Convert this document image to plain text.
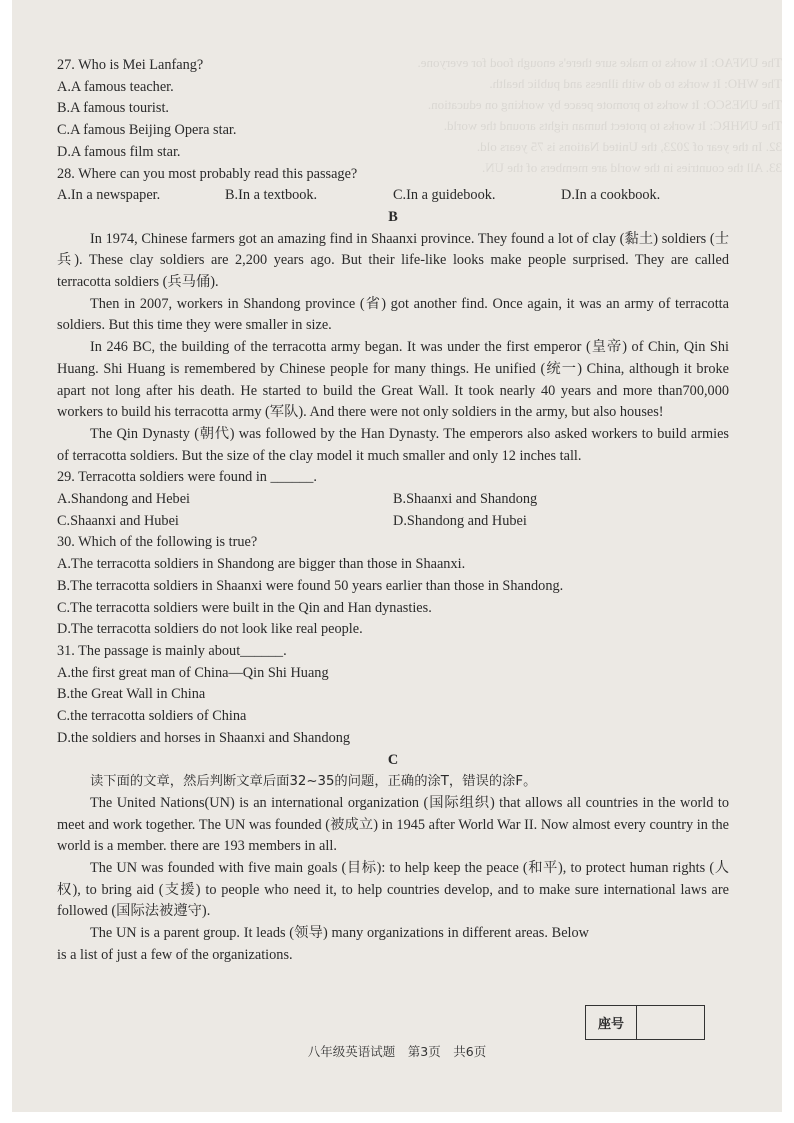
The UNFAO: It works to make sure there's enough food for everyone.
The WHO: It works to do with illness and public health.
The UNESCO: It works to promote peace by working on education.
The UNHRC: It works to protect human rights around the world.
32. In the year of 2023, the United Nations is 75 years old.
33. All the countries in the world are members of the UN.

27. Who is Mei Lanfang?

A.A famous teacher.

B.A famous tourist.

C.A famous Beijing Opera star.

D.A famous film star.

28. Where can you most probably read this passage?

A.In a newspaper.	B.In a textbook.	C.In a guidebook.	D.In a cookbook.

B

In 1974, Chinese farmers got an amazing find in Shaanxi province. They found a lot of clay (黏土) soldiers (士兵). These clay soldiers are 2,200 years ago. But their life-like looks make people surprised. They are called terracotta soldiers (兵马俑).

Then in 2007, workers in Shandong province (省) got another find. Once again, it was an army of terracotta soldiers. But this time they were smaller in size.

In 246 BC, the building of the terracotta army began. It was under the first emperor (皇帝) of Chin, Qin Shi Huang. Shi Huang is remembered by Chinese people for many things. He unified (统一) China, although it broke apart not long after his death. He started to build the Great Wall. It took nearly 40 years and more than700,000 workers to build his terracotta army (军队). And there were not only soldiers in the army, but also houses!

The Qin Dynasty (朝代) was followed by the Han Dynasty. The emperors also asked workers to build armies of terracotta soldiers. But the size of the clay model it much smaller and only 12 inches tall.

29. Terracotta soldiers were found in ______.

A.Shandong and Hebei	B.Shaanxi and Shandong
C.Shaanxi and Hubei	D.Shandong and Hubei

30. Which of the following is true?

A.The terracotta soldiers in Shandong are bigger than those in Shaanxi.

B.The terracotta soldiers in Shaanxi were found 50 years earlier than those in Shandong.

C.The terracotta soldiers were built in the Qin and Han dynasties.

D.The terracotta soldiers do not look like real people.

31. The passage is mainly about______.

A.the first great man of China—Qin Shi Huang

B.the Great Wall in China

C.the terracotta soldiers of China

D.the soldiers and horses in Shaanxi and Shandong

C

读下面的文章，然后判断文章后面32~35的问题，正确的涂T，错误的涂F。

The United Nations(UN) is an international organization (国际组织) that allows all countries in the world to meet and work together. The UN was founded (被成立) in 1945 after World War II. Now almost every country in the world is a member. there are 193 members in all.

The UN was founded with five main goals (目标): to help keep the peace (和平), to protect human rights (人权), to bring aid (支援) to people who need it, to help countries develop, and to make sure international laws are followed (国际法被遵守).

The UN is a parent group. It leads (领导) many organizations in different areas. Below is a list of just a few of the organizations.

座号
八年级英语试题　第3页　共6页
